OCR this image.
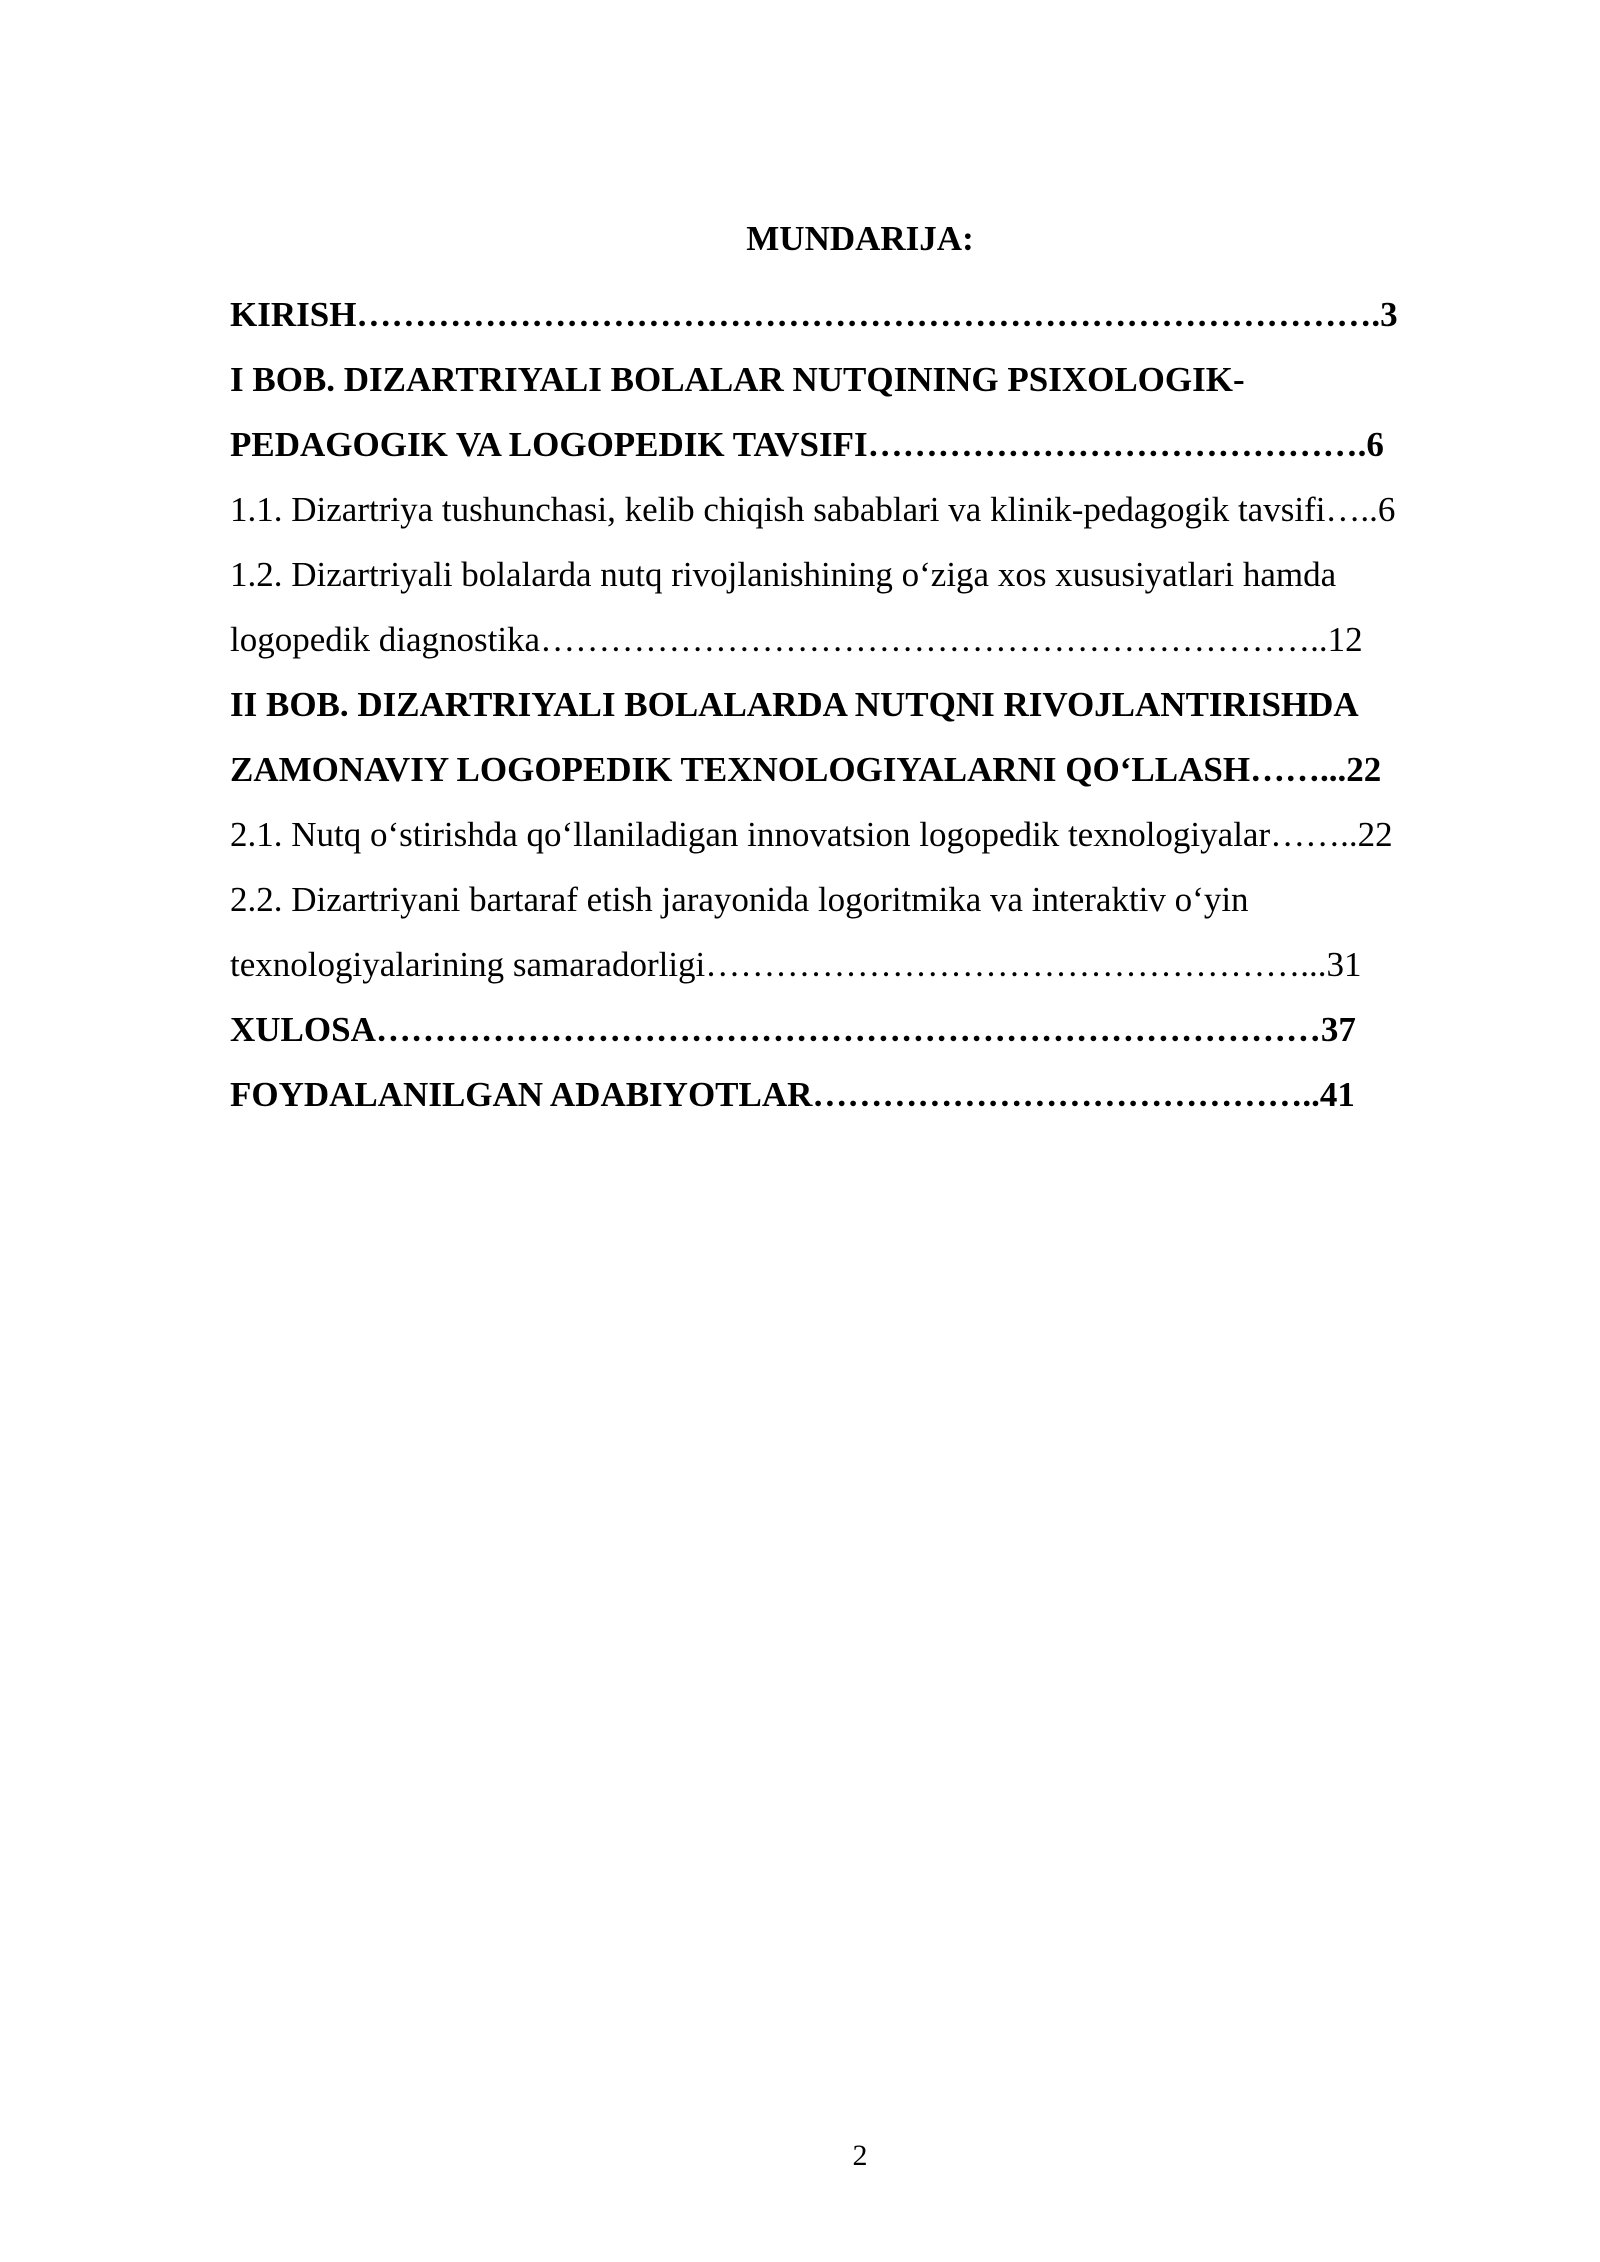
MUNDARIJA:
KIRISH…………………………………………………………………………….3
I BOB. DIZARTRIYALI BOLALAR NUTQINING PSIXOLOGIK-
PEDAGOGIK VA LOGOPEDIK TAVSIFI…………………………………….6
1.1. Dizartriya tushunchasi, kelib chiqish sabablari va klinik-pedagogik tavsifi…..6
1.2. Dizartriyali bolalarda nutq rivojlanishining o‘ziga xos xususiyatlari hamda
logopedik diagnostika…………………………………………………………..12
II BOB. DIZARTRIYALI BOLALARDA NUTQNI RIVOJLANTIRISHDA
ZAMONAVIY LOGOPEDIK TEXNOLOGIYALARNI QO‘LLASH……...22
2.1. Nutq o‘stirishda qo‘llaniladigan innovatsion logopedik texnologiyalar……..22
2.2. Dizartriyani bartaraf etish jarayonida logoritmika va interaktiv o‘yin
texnologiyalarining samaradorligi……………………………………………...31
XULOSA………………………………………………………………………37
FOYDALANILGAN ADABIYOTLAR……………………………………..41
2
